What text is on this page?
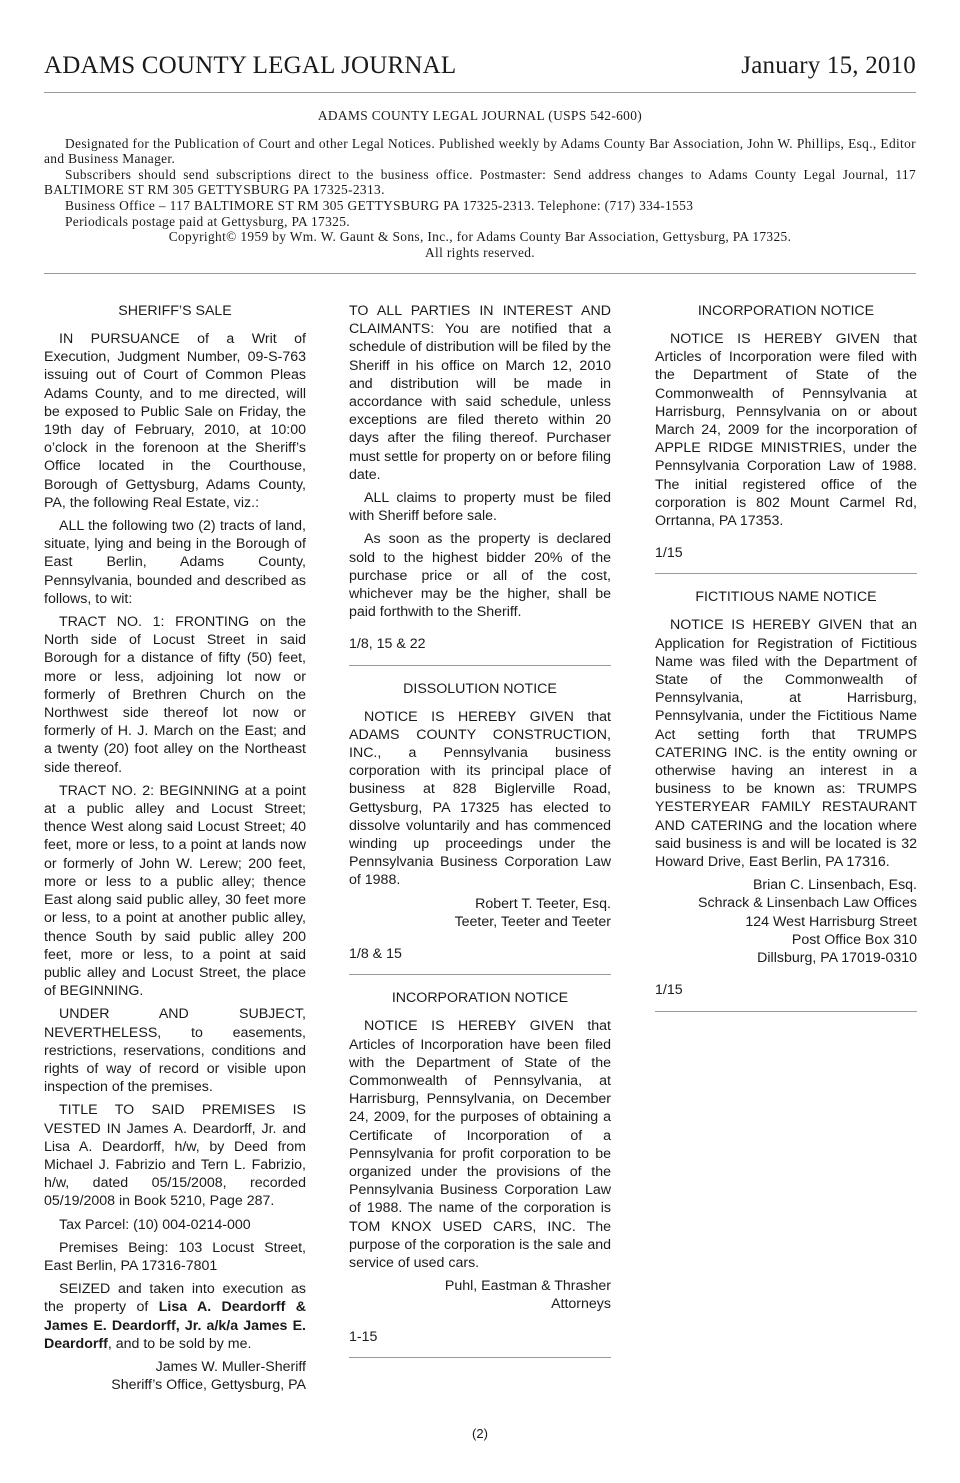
ADAMS COUNTY LEGAL JOURNAL	January 15, 2010
ADAMS COUNTY LEGAL JOURNAL (USPS 542-600)
Designated for the Publication of Court and other Legal Notices. Published weekly by Adams County Bar Association, John W. Phillips, Esq., Editor and Business Manager.
Subscribers should send subscriptions direct to the business office. Postmaster: Send address changes to Adams County Legal Journal, 117 BALTIMORE ST RM 305 GETTYSBURG PA 17325-2313.
Business Office – 117 BALTIMORE ST RM 305 GETTYSBURG PA 17325-2313. Telephone: (717) 334-1553
Periodicals postage paid at Gettysburg, PA 17325.
Copyright© 1959 by Wm. W. Gaunt & Sons, Inc., for Adams County Bar Association, Gettysburg, PA 17325.
All rights reserved.
SHERIFF’S SALE

IN PURSUANCE of a Writ of Execution, Judgment Number, 09-S-763 issuing out of Court of Common Pleas Adams County, and to me directed, will be exposed to Public Sale on Friday, the 19th day of February, 2010, at 10:00 o’clock in the forenoon at the Sheriff’s Office located in the Courthouse, Borough of Gettysburg, Adams County, PA, the following Real Estate, viz.:

ALL the following two (2) tracts of land, situate, lying and being in the Borough of East Berlin, Adams County, Pennsylvania, bounded and described as follows, to wit:

TRACT NO. 1: FRONTING on the North side of Locust Street in said Borough for a distance of fifty (50) feet, more or less, adjoining lot now or formerly of Brethren Church on the Northwest side thereof lot now or formerly of H. J. March on the East; and a twenty (20) foot alley on the Northeast side thereof.

TRACT NO. 2: BEGINNING at a point at a public alley and Locust Street; thence West along said Locust Street; 40 feet, more or less, to a point at lands now or formerly of John W. Lerew; 200 feet, more or less to a public alley; thence East along said public alley, 30 feet more or less, to a point at another public alley, thence South by said public alley 200 feet, more or less, to a point at said public alley and Locust Street, the place of BEGINNING.

UNDER AND SUBJECT, NEVERTHELESS, to easements, restrictions, reservations, conditions and rights of way of record or visible upon inspection of the premises.

TITLE TO SAID PREMISES IS VESTED IN James A. Deardorff, Jr. and Lisa A. Deardorff, h/w, by Deed from Michael J. Fabrizio and Tern L. Fabrizio, h/w, dated 05/15/2008, recorded 05/19/2008 in Book 5210, Page 287.

Tax Parcel: (10) 004-0214-000

Premises Being: 103 Locust Street, East Berlin, PA 17316-7801

SEIZED and taken into execution as the property of Lisa A. Deardorff & James E. Deardorff, Jr. a/k/a James E. Deardorff, and to be sold by me.

James W. Muller-Sheriff

Sheriff’s Office, Gettysburg, PA

TO ALL PARTIES IN INTEREST AND CLAIMANTS: You are notified that a schedule of distribution will be filed by the Sheriff in his office on March 12, 2010 and distribution will be made in accordance with said schedule, unless exceptions are filed thereto within 20 days after the filing thereof. Purchaser must settle for property on or before filing date.

ALL claims to property must be filed with Sheriff before sale.

As soon as the property is declared sold to the highest bidder 20% of the purchase price or all of the cost, whichever may be the higher, shall be paid forthwith to the Sheriff.

1/8, 15 & 22

DISSOLUTION NOTICE

NOTICE IS HEREBY GIVEN that ADAMS COUNTY CONSTRUCTION, INC., a Pennsylvania business corporation with its principal place of business at 828 Biglerville Road, Gettysburg, PA 17325 has elected to dissolve voluntarily and has commenced winding up proceedings under the Pennsylvania Business Corporation Law of 1988.

Robert T. Teeter, Esq.

Teeter, Teeter and Teeter

1/8 & 15

INCORPORATION NOTICE

NOTICE IS HEREBY GIVEN that Articles of Incorporation have been filed with the Department of State of the Commonwealth of Pennsylvania, at Harrisburg, Pennsylvania, on December 24, 2009, for the purposes of obtaining a Certificate of Incorporation of a Pennsylvania for profit corporation to be organized under the provisions of the Pennsylvania Business Corporation Law of 1988. The name of the corporation is TOM KNOX USED CARS, INC. The purpose of the corporation is the sale and service of used cars.

Puhl, Eastman & Thrasher

Attorneys

1-15

INCORPORATION NOTICE

NOTICE IS HEREBY GIVEN that Articles of Incorporation were filed with the Department of State of the Commonwealth of Pennsylvania at Harrisburg, Pennsylvania on or about March 24, 2009 for the incorporation of APPLE RIDGE MINISTRIES, under the Pennsylvania Corporation Law of 1988. The initial registered office of the corporation is 802 Mount Carmel Rd, Orrtanna, PA 17353.

1/15

FICTITIOUS NAME NOTICE

NOTICE IS HEREBY GIVEN that an Application for Registration of Fictitious Name was filed with the Department of State of the Commonwealth of Pennsylvania, at Harrisburg, Pennsylvania, under the Fictitious Name Act setting forth that TRUMPS CATERING INC. is the entity owning or otherwise having an interest in a business to be known as: TRUMPS YESTERYEAR FAMILY RESTAURANT AND CATERING and the location where said business is and will be located is 32 Howard Drive, East Berlin, PA 17316.

Brian C. Linsenbach, Esq.

Schrack & Linsenbach Law Offices

124 West Harrisburg Street

Post Office Box 310

Dillsburg, PA 17019-0310

1/15

(2)
